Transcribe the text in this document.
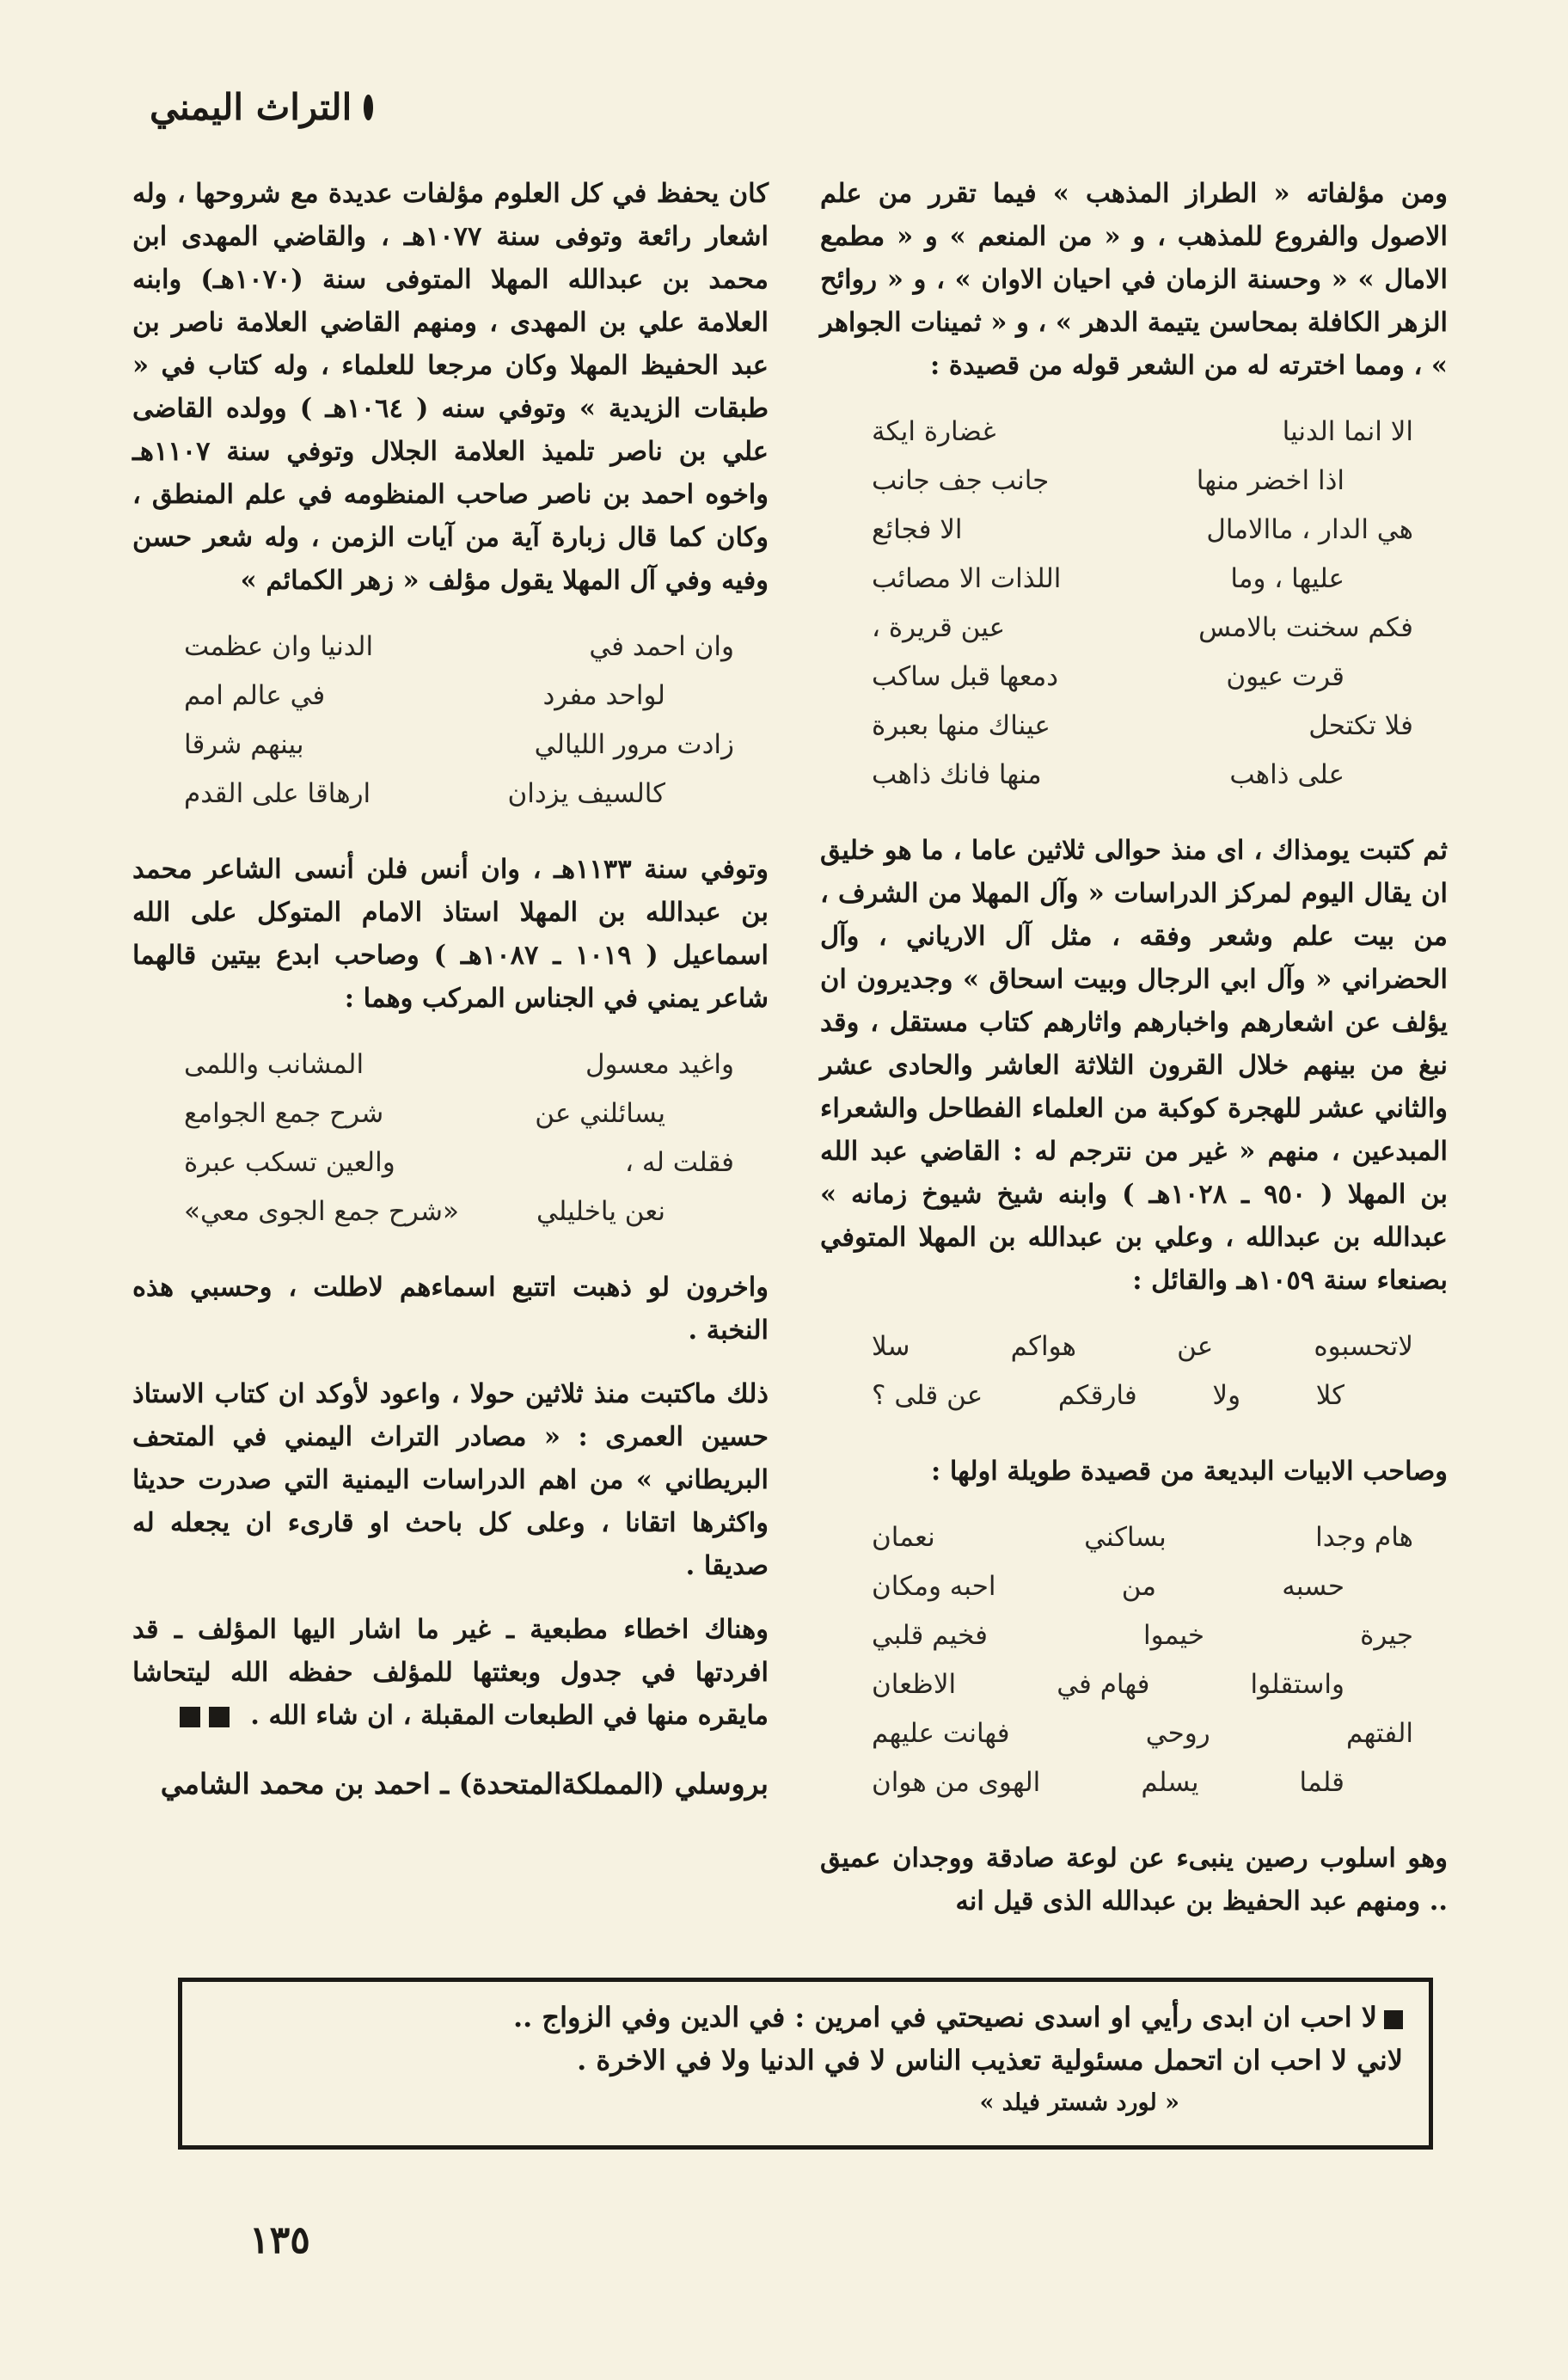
التراث اليمني

ومن مؤلفاته « الطراز المذهب » فيما تقرر من علم الاصول والفروع للمذهب ، و « من المنعم » و « مطمع الامال » « وحسنة الزمان في احيان الاوان » ، و « روائح الزهر الكافلة بمحاسن يتيمة الدهر » ، و « ثمينات الجواهر » ، ومما اخترته له من الشعر قوله من قصيدة :

الا انما الدنيا
غضارة ايكة
اذا اخضر منها
جانب جف جانب
هي الدار ، ماالامال
الا فجائع
عليها ، وما
اللذات الا مصائب
فكم سخنت بالامس
عين قريرة ،
قرت عيون
دمعها قبل ساكب
فلا تكتحل
عيناك منها بعبرة
على ذاهب
منها فانك ذاهب

ثم كتبت يومذاك ، اى منذ حوالى ثلاثين عاما ، ما هو خليق ان يقال اليوم لمركز الدراسات « وآل المهلا من الشرف ، من بيت علم وشعر وفقه ، مثل آل الارياني ، وآل الحضراني « وآل ابي الرجال وبيت اسحاق » وجديرون ان يؤلف عن اشعارهم واخبارهم واثارهم كتاب مستقل ، وقد نبغ من بينهم خلال القرون الثلاثة العاشر والحادى عشر والثاني عشر للهجرة كوكبة من العلماء الفطاحل والشعراء المبدعين ، منهم « غير من نترجم له : القاضي عبد الله بن المهلا ( ٩٥٠ ـ ١٠٢٨هـ ) وابنه شيخ شيوخ زمانه » عبدالله بن عبدالله ، وعلي بن عبدالله بن المهلا المتوفي بصنعاء سنة ١٠٥٩هـ والقائل :

لاتحسبوه
عن
هواكم
سلا
كلا
ولا
فارقكم
عن قلى ؟

وصاحب الابيات البديعة من قصيدة طويلة اولها :

هام وجدا
بساكني
نعمان
حسبه
من
احبه ومكان
جيرة
خيموا
فخيم قلبي
واستقلوا
فهام في
الاظعان
الفتهم
روحي
فهانت عليهم
قلما
يسلم
الهوى من هوان

وهو اسلوب رصين ينبىء عن لوعة صادقة ووجدان عميق .. ومنهم عبد الحفيظ بن عبدالله الذى قيل انه

كان يحفظ في كل العلوم مؤلفات عديدة مع شروحها ، وله اشعار رائعة وتوفى سنة ١٠٧٧هـ ، والقاضي المهدى ابن محمد بن عبدالله المهلا المتوفى سنة (١٠٧٠هـ) وابنه العلامة علي بن المهدى ، ومنهم القاضي العلامة ناصر بن عبد الحفيظ المهلا وكان مرجعا للعلماء ، وله كتاب في « طبقات الزيدية » وتوفي سنه ( ١٠٦٤هـ ) وولده القاضى علي بن ناصر تلميذ العلامة الجلال وتوفي سنة ١١٠٧هـ واخوه احمد بن ناصر صاحب المنظومه في علم المنطق ، وكان كما قال زبارة آية من آيات الزمن ، وله شعر حسن وفيه وفي آل المهلا يقول مؤلف « زهر الكمائم »

وان احمد في
الدنيا وان عظمت
لواحد مفرد
في عالم امم
زادت مرور الليالي
بينهم شرقا
كالسيف يزدان
ارهاقا على القدم

وتوفي سنة ١١٣٣هـ ، وان أنس فلن أنسى الشاعر محمد بن عبدالله بن المهلا استاذ الامام المتوكل على الله اسماعيل ( ١٠١٩ ـ ١٠٨٧هـ ) وصاحب ابدع بيتين قالهما شاعر يمني في الجناس المركب وهما :

واغيد معسول
المشانب واللمى
يسائلني عن
شرح جمع الجوامع
فقلت له ،
والعين تسكب عبرة
نعن ياخليلي
«شرح جمع الجوى معي»

واخرون لو ذهبت اتتبع اسماءهم لاطلت ، وحسبي هذه النخبة .

ذلك ماكتبت منذ ثلاثين حولا ، واعود لأوكد ان كتاب الاستاذ حسين العمرى : « مصادر التراث اليمني في المتحف البريطاني » من اهم الدراسات اليمنية التي صدرت حديثا واكثرها اتقانا ، وعلى كل باحث او قارىء ان يجعله له صديقا .

وهناك اخطاء مطبعية ـ غير ما اشار اليها المؤلف ـ قد افردتها في جدول وبعثتها للمؤلف حفظه الله ليتحاشا مايقره منها في الطبعات المقبلة ، ان شاء الله .

بروسلي (المملكةالمتحدة) ـ احمد بن محمد الشامي
لا احب ان ابدى رأيي او اسدى نصيحتي في امرين : في الدين وفي الزواج ..
لاني لا احب ان اتحمل مسئولية تعذيب الناس لا في الدنيا ولا في الاخرة .
« لورد شستر فيلد »
١٣٥
